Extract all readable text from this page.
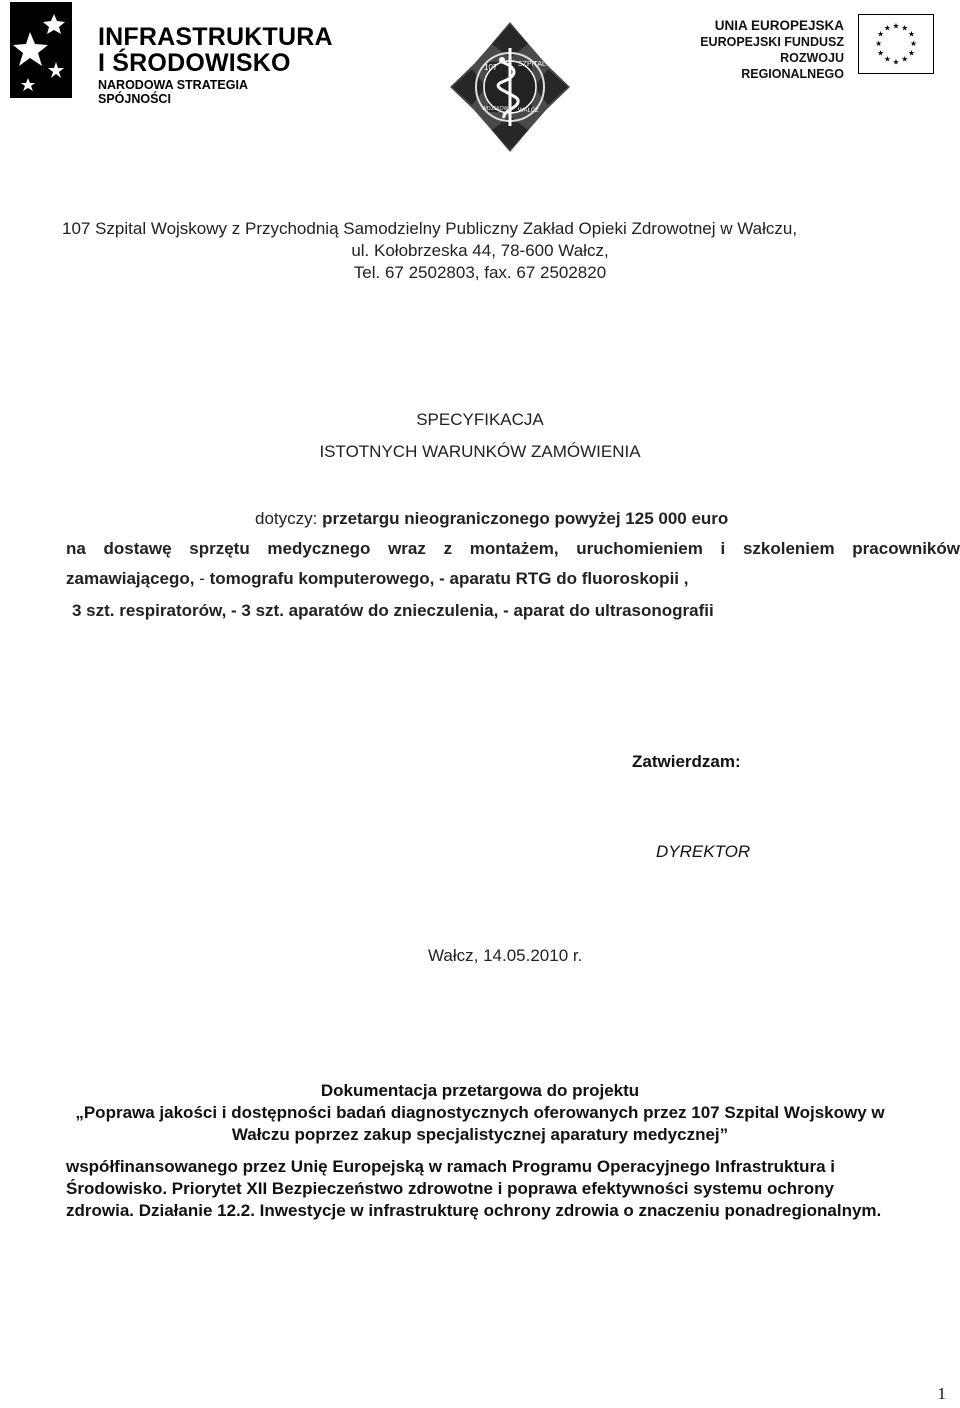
INFRASTRUKTURA
I ŚRODOWISKO
NARODOWA STRATEGIA SPÓJNOŚCI
107	SZPITAL
WOJSKOWY WAŁCZ
UNIA EUROPEJSKA
EUROPEJSKI FUNDUSZ
ROZWOJU REGIONALNEGO
★ ★
★
★
★
★
★
★
★
★
★
★
107 Szpital Wojskowy z Przychodnią Samodzielny Publiczny Zakład Opieki Zdrowotnej w Wałczu,
ul. Kołobrzeska 44, 78-600 Wałcz,
Tel. 67 2502803, fax. 67 2502820
SPECYFIKACJA
ISTOTNYCH WARUNKÓW ZAMÓWIENIA
dotyczy: przetargu nieograniczonego powyżej 125 000 euro
na dostawę sprzętu medycznego wraz z montażem, uruchomieniem i szkoleniem pracowników
zamawiającego, - tomografu komputerowego, - aparatu RTG do fluoroskopii ,
3 szt. respiratorów, - 3 szt. aparatów do znieczulenia, - aparat do ultrasonografii
Zatwierdzam:
DYREKTOR
Wałcz, 14.05.2010 r.
Dokumentacja przetargowa do projektu
„Poprawa jakości i dostępności badań diagnostycznych oferowanych przez 107 Szpital Wojskowy w
Wałczu poprzez zakup specjalistycznej aparatury medycznej”
współfinansowanego przez Unię Europejską w ramach Programu Operacyjnego Infrastruktura i
Środowisko. Priorytet XII Bezpieczeństwo zdrowotne i poprawa efektywności systemu ochrony
zdrowia. Działanie 12.2. Inwestycje w infrastrukturę ochrony zdrowia o znaczeniu ponadregionalnym.
1
